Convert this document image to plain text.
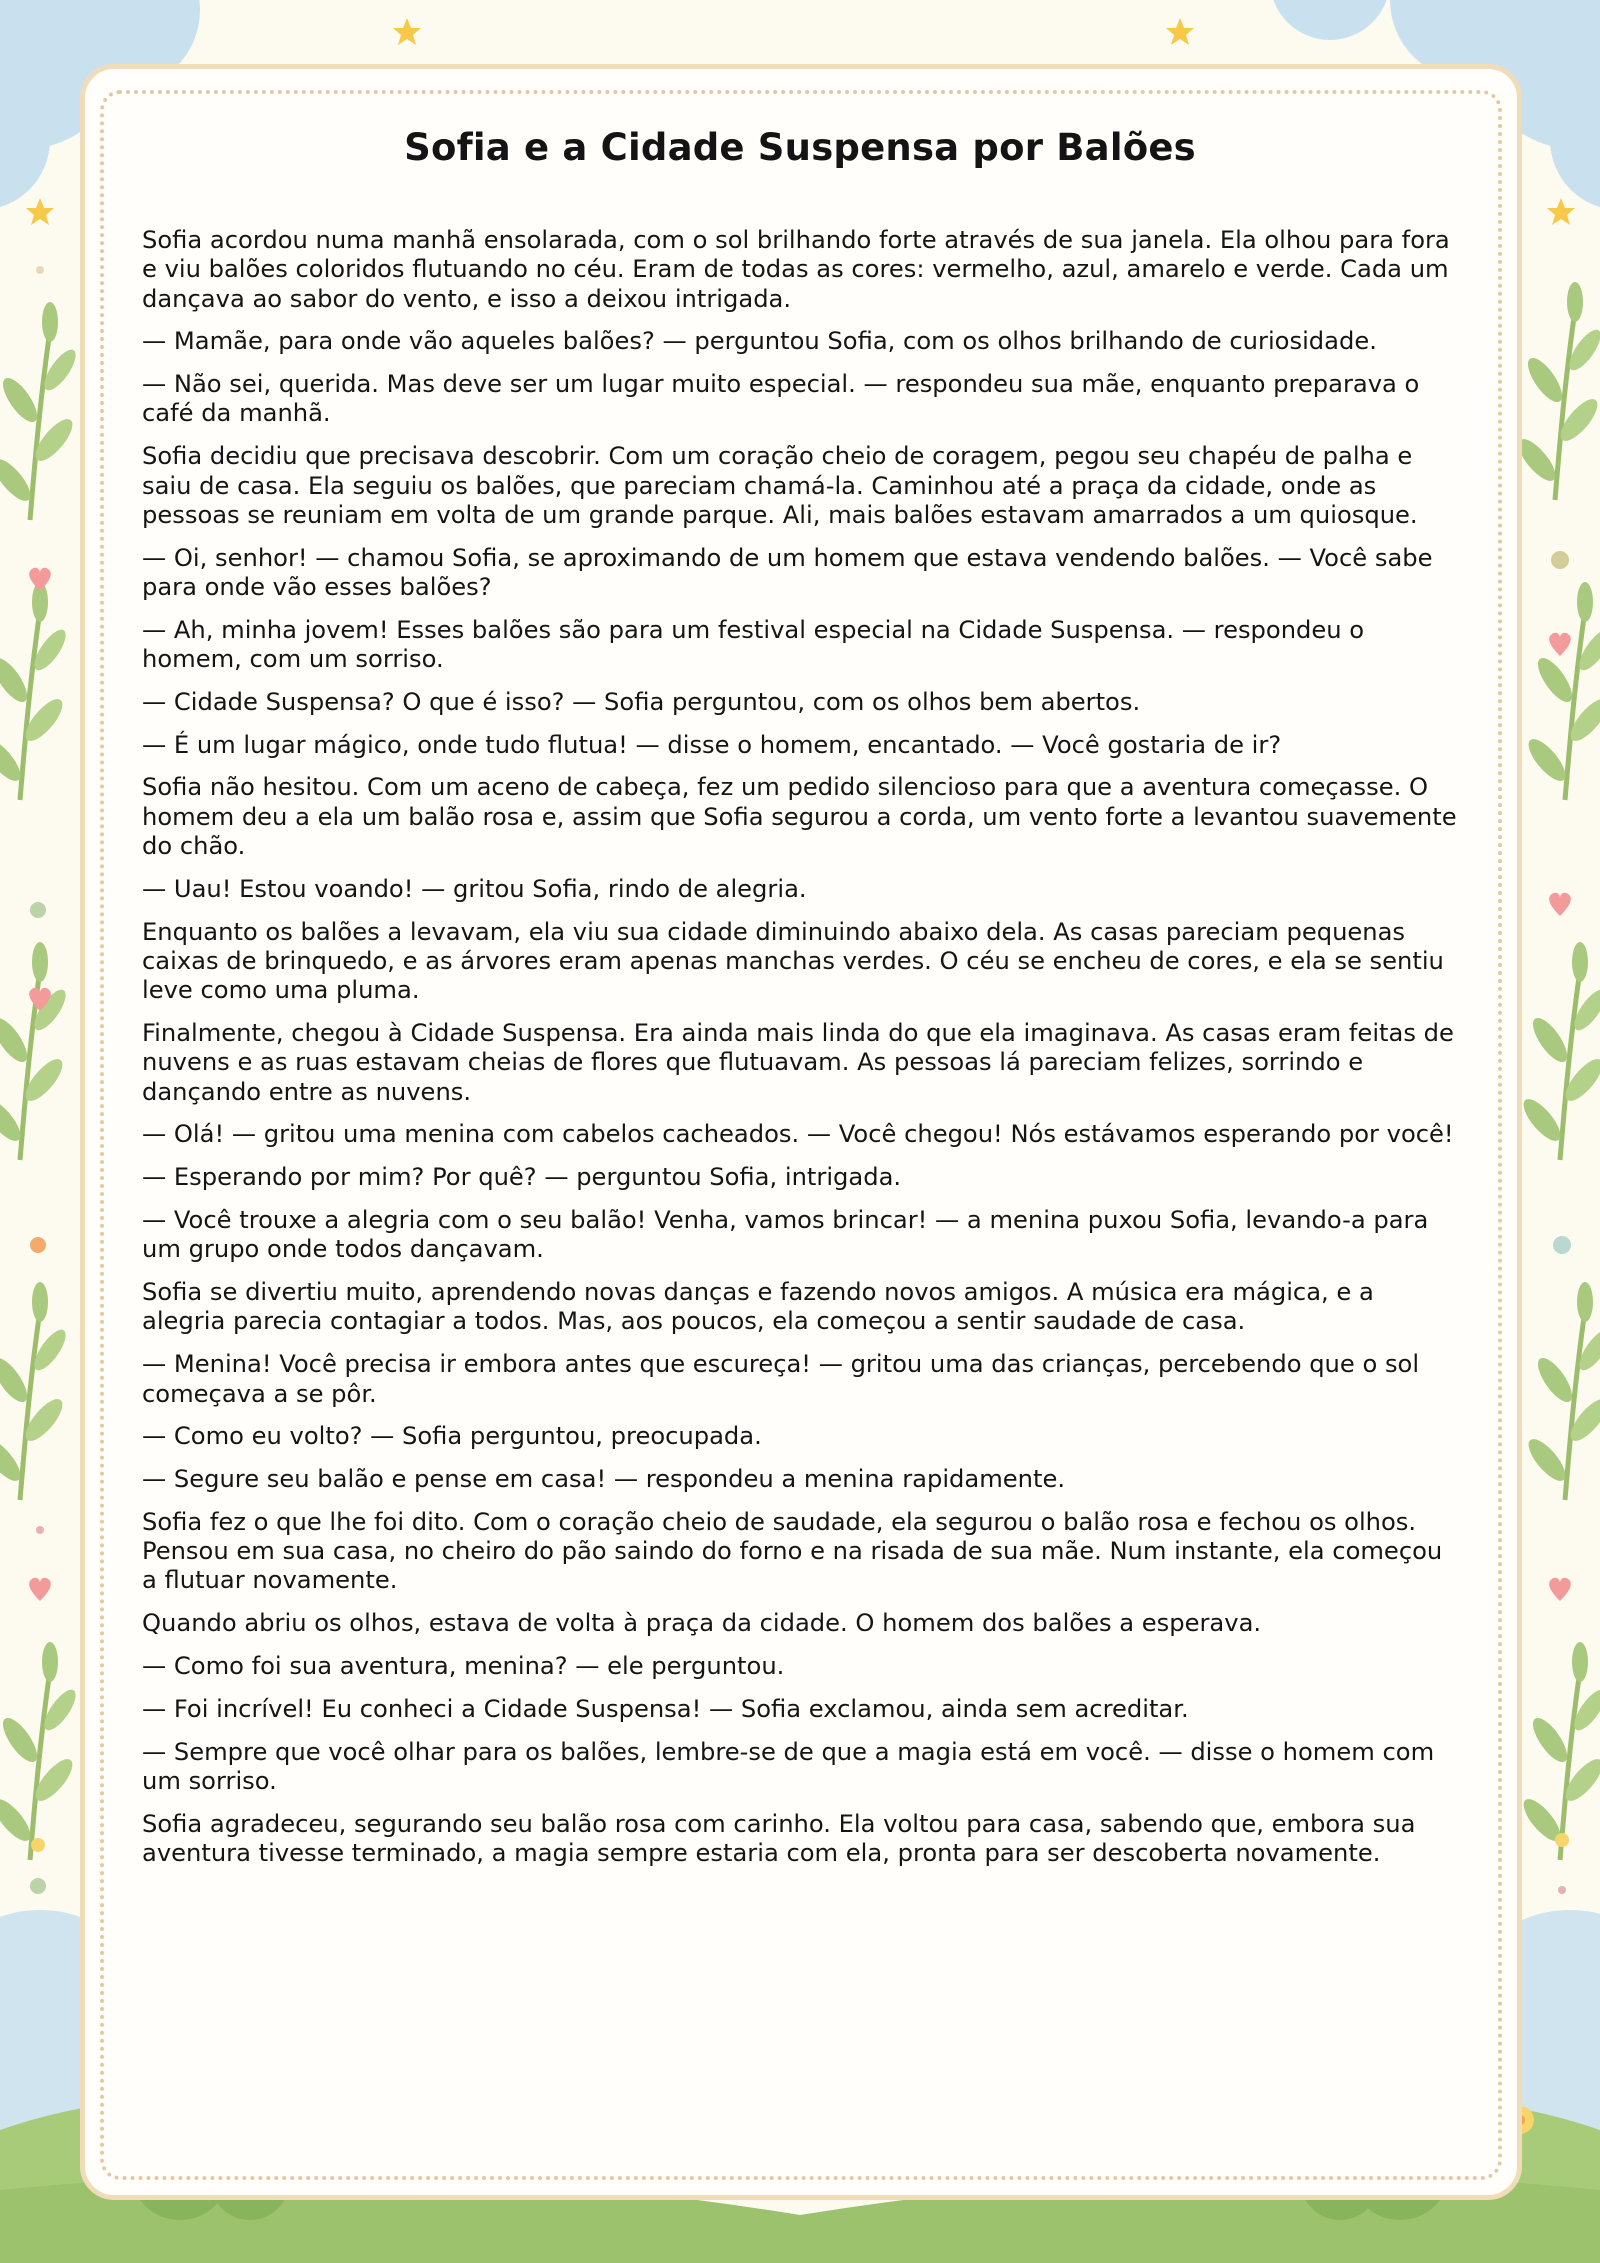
Sofia e a Cidade Suspensa por Balões

Sofia acordou numa manhã ensolarada, com o sol brilhando forte através de sua janela. Ela olhou para fora e viu balões coloridos flutuando no céu. Eram de todas as cores: vermelho, azul, amarelo e verde. Cada um dançava ao sabor do vento, e isso a deixou intrigada.

— Mamãe, para onde vão aqueles balões? — perguntou Sofia, com os olhos brilhando de curiosidade.

— Não sei, querida. Mas deve ser um lugar muito especial. — respondeu sua mãe, enquanto preparava o café da manhã.

Sofia decidiu que precisava descobrir. Com um coração cheio de coragem, pegou seu chapéu de palha e saiu de casa. Ela seguiu os balões, que pareciam chamá-la. Caminhou até a praça da cidade, onde as pessoas se reuniam em volta de um grande parque. Ali, mais balões estavam amarrados a um quiosque.

— Oi, senhor! — chamou Sofia, se aproximando de um homem que estava vendendo balões. — Você sabe para onde vão esses balões?

— Ah, minha jovem! Esses balões são para um festival especial na Cidade Suspensa. — respondeu o homem, com um sorriso.

— Cidade Suspensa? O que é isso? — Sofia perguntou, com os olhos bem abertos.

— É um lugar mágico, onde tudo flutua! — disse o homem, encantado. — Você gostaria de ir?

Sofia não hesitou. Com um aceno de cabeça, fez um pedido silencioso para que a aventura começasse. O homem deu a ela um balão rosa e, assim que Sofia segurou a corda, um vento forte a levantou suavemente do chão.

— Uau! Estou voando! — gritou Sofia, rindo de alegria.

Enquanto os balões a levavam, ela viu sua cidade diminuindo abaixo dela. As casas pareciam pequenas caixas de brinquedo, e as árvores eram apenas manchas verdes. O céu se encheu de cores, e ela se sentiu leve como uma pluma.

Finalmente, chegou à Cidade Suspensa. Era ainda mais linda do que ela imaginava. As casas eram feitas de nuvens e as ruas estavam cheias de flores que flutuavam. As pessoas lá pareciam felizes, sorrindo e dançando entre as nuvens.

— Olá! — gritou uma menina com cabelos cacheados. — Você chegou! Nós estávamos esperando por você!

— Esperando por mim? Por quê? — perguntou Sofia, intrigada.

— Você trouxe a alegria com o seu balão! Venha, vamos brincar! — a menina puxou Sofia, levando-a para um grupo onde todos dançavam.

Sofia se divertiu muito, aprendendo novas danças e fazendo novos amigos. A música era mágica, e a alegria parecia contagiar a todos. Mas, aos poucos, ela começou a sentir saudade de casa.

— Menina! Você precisa ir embora antes que escureça! — gritou uma das crianças, percebendo que o sol começava a se pôr.

— Como eu volto? — Sofia perguntou, preocupada.

— Segure seu balão e pense em casa! — respondeu a menina rapidamente.

Sofia fez o que lhe foi dito. Com o coração cheio de saudade, ela segurou o balão rosa e fechou os olhos. Pensou em sua casa, no cheiro do pão saindo do forno e na risada de sua mãe. Num instante, ela começou a flutuar novamente.

Quando abriu os olhos, estava de volta à praça da cidade. O homem dos balões a esperava.

— Como foi sua aventura, menina? — ele perguntou.

— Foi incrível! Eu conheci a Cidade Suspensa! — Sofia exclamou, ainda sem acreditar.

— Sempre que você olhar para os balões, lembre-se de que a magia está em você. — disse o homem com um sorriso.

Sofia agradeceu, segurando seu balão rosa com carinho. Ela voltou para casa, sabendo que, embora sua aventura tivesse terminado, a magia sempre estaria com ela, pronta para ser descoberta novamente.
